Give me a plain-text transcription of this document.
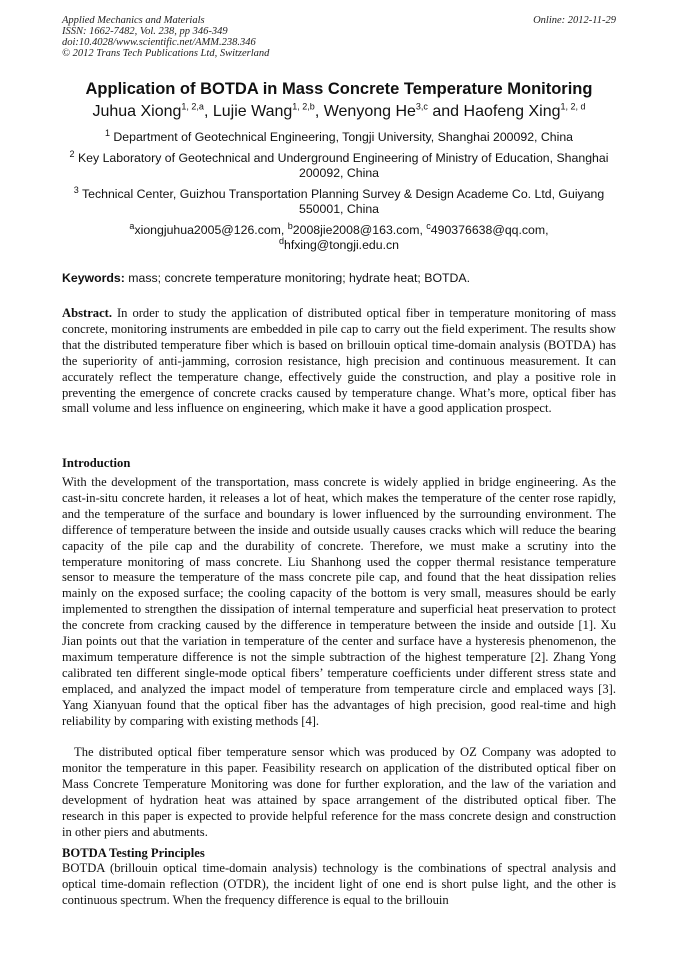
Applied Mechanics and Materials
ISSN: 1662-7482, Vol. 238, pp 346-349
doi:10.4028/www.scientific.net/AMM.238.346
© 2012 Trans Tech Publications Ltd, Switzerland
Online: 2012-11-29
Application of BOTDA in Mass Concrete Temperature Monitoring
Juhua Xiong$^{1, 2,a}$, Lujie Wang$^{1, 2,b}$, Wenyong He$^{3,c}$ and Haofeng Xing$^{1, 2, d}$
$^1$ Department of Geotechnical Engineering, Tongji University, Shanghai 200092, China
$^2$ Key Laboratory of Geotechnical and Underground Engineering of Ministry of Education, Shanghai 200092, China
$^3$ Technical Center, Guizhou Transportation Planning Survey & Design Academe Co. Ltd, Guiyang 550001, China
$^a$xiongjuhua2005@126.com, $^b$2008jie2008@163.com, $^c$490376638@qq.com,
$^d$hfxing@tongji.edu.cn
Keywords: mass; concrete temperature monitoring; hydrate heat; BOTDA.
Abstract. In order to study the application of distributed optical fiber in temperature monitoring of mass concrete, monitoring instruments are embedded in pile cap to carry out the field experiment. The results show that the distributed temperature fiber which is based on brillouin optical time-domain analysis (BOTDA) has the superiority of anti-jamming, corrosion resistance, high precision and continuous measurement. It can accurately reflect the temperature change, effectively guide the construction, and play a positive role in preventing the emergence of concrete cracks caused by temperature change. What’s more, optical fiber has small volume and less influence on engineering, which make it have a good application prospect.
Introduction
With the development of the transportation, mass concrete is widely applied in bridge engineering. As the cast-in-situ concrete harden, it releases a lot of heat, which makes the temperature of the center rose rapidly, and the temperature of the surface and boundary is lower influenced by the surrounding environment. The difference of temperature between the inside and outside usually causes cracks which will reduce the bearing capacity of the pile cap and the durability of concrete. Therefore, we must make a scrutiny into the temperature monitoring of mass concrete. Liu Shanhong used the copper thermal resistance temperature sensor to measure the temperature of the mass concrete pile cap, and found that the heat dissipation relies mainly on the exposed surface; the cooling capacity of the bottom is very small, measures should be early implemented to strengthen the dissipation of internal temperature and superficial heat preservation to protect the concrete from cracking caused by the difference in temperature between the inside and outside [1]. Xu Jian points out that the variation in temperature of the center and surface have a hysteresis phenomenon, the maximum temperature difference is not the simple subtraction of the highest temperature [2]. Zhang Yong calibrated ten different single-mode optical fibers’ temperature coefficients under different stress state and emplaced, and analyzed the impact model of temperature from temperature circle and emplaced ways [3]. Yang Xianyuan found that the optical fiber has the advantages of high precision, good real-time and high reliability by comparing with existing methods [4].
The distributed optical fiber temperature sensor which was produced by OZ Company was adopted to monitor the temperature in this paper. Feasibility research on application of the distributed optical fiber on Mass Concrete Temperature Monitoring was done for further exploration, and the law of the variation and development of hydration heat was attained by space arrangement of the distributed optical fiber. The research in this paper is expected to provide helpful reference for the mass concrete design and construction in other piers and abutments.
BOTDA Testing Principles
BOTDA (brillouin optical time-domain analysis) technology is the combinations of spectral analysis and optical time-domain reflection (OTDR), the incident light of one end is short pulse light, and the other is continuous spectrum. When the frequency difference is equal to the brillouin
